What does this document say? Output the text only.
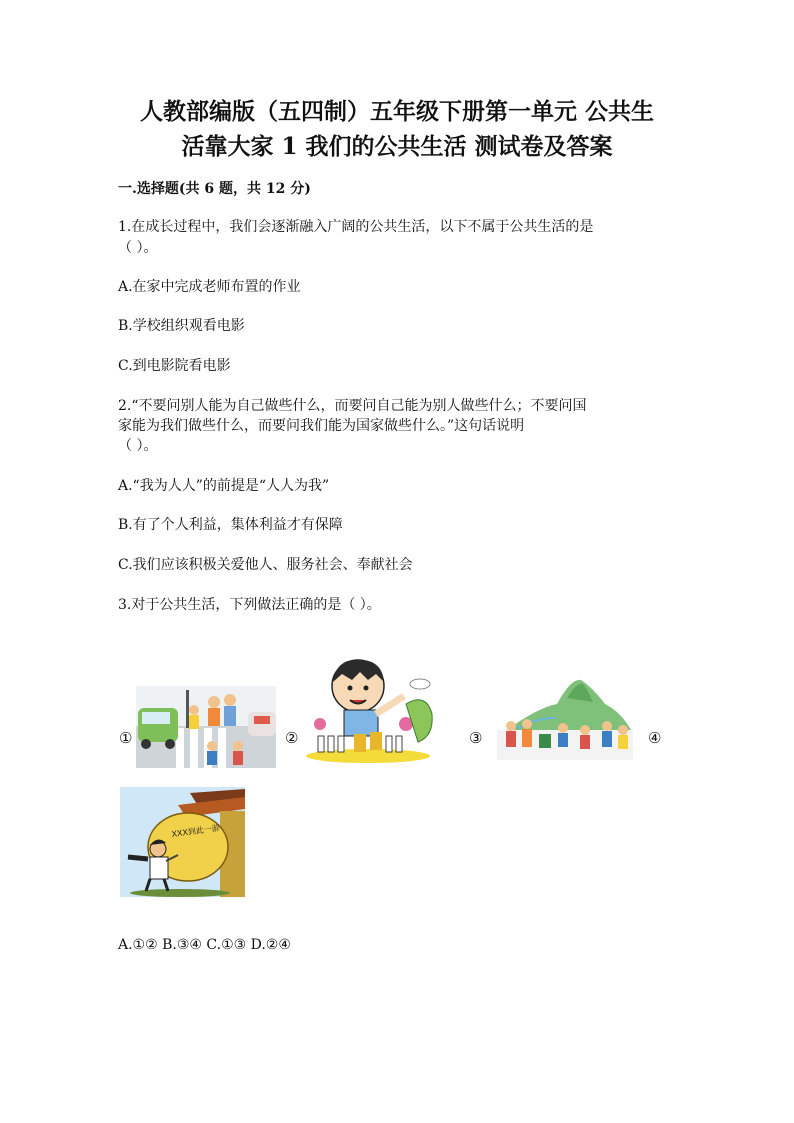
人教部编版（五四制）五年级下册第一单元 公共生
活靠大家 1 我们的公共生活 测试卷及答案

一.选择题(共 6 题，共 12 分)

1.在成长过程中，我们会逐渐融入广阔的公共生活，以下不属于公共生活的是

（ ）。

A.在家中完成老师布置的作业

B.学校组织观看电影

C.到电影院看电影

2.“不要问别人能为自己做些什么，而要问自己能为别人做些什么；不要问国

家能为我们做些什么，而要问我们能为国家做些什么。”这句话说明

（ ）。

A.“我为人人”的前提是“人人为我”

B.有了个人利益，集体利益才有保障

C.我们应该积极关爱他人、服务社会、奉献社会

3.对于公共生活，下列做法正确的是（ ）。

①	②	③	④
XXX到此一游

A.①② B.③④ C.①③ D.②④
